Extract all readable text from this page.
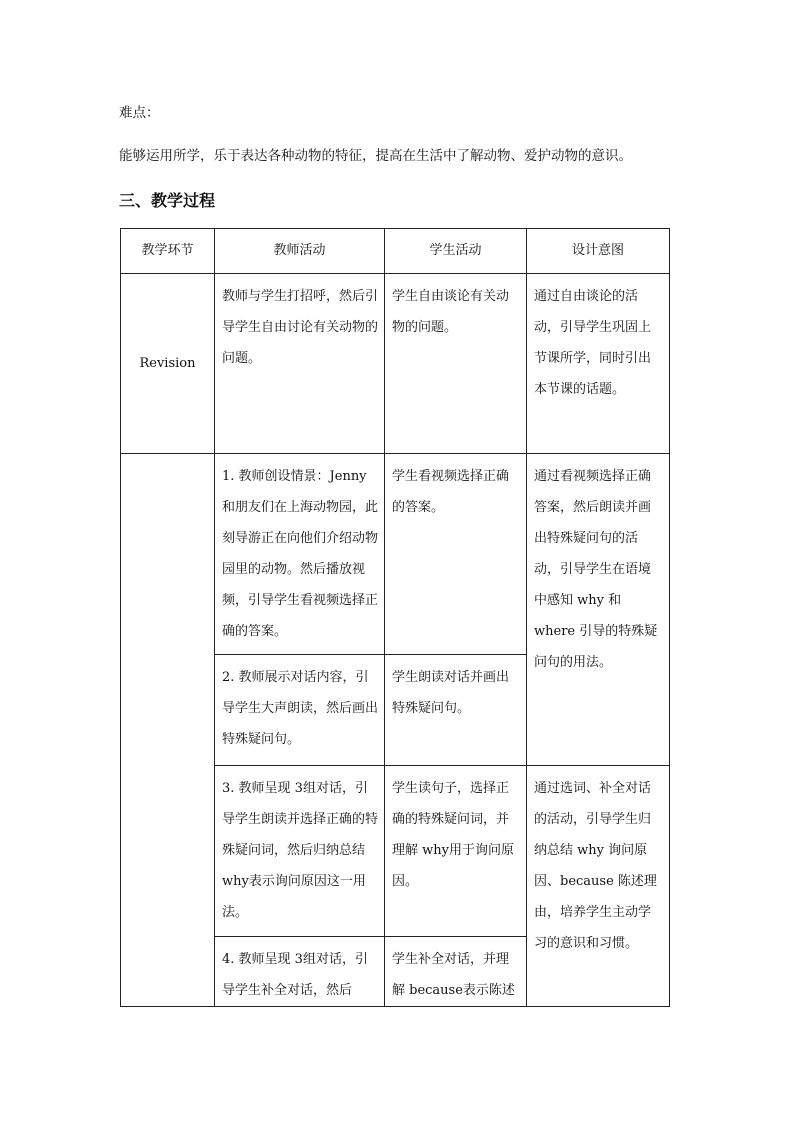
难点：
能够运用所学，乐于表达各种动物的特征，提高在生活中了解动物、爱护动物的意识。
三、教学过程
教学环节	教师活动	学生活动	设计意图
Revision	教师与学生打招呼，然后引导学生自由讨论有关动物的问题。	学生自由谈论有关动物的问题。	通过自由谈论的活动，引导学生巩固上节课所学，同时引出本节课的话题。
	1. 教师创设情景：Jenny和朋友们在上海动物园，此刻导游正在向他们介绍动物园里的动物。然后播放视频，引导学生看视频选择正确的答案。	学生看视频选择正确的答案。	通过看视频选择正确答案，然后朗读并画出特殊疑问句的活动，引导学生在语境中感知 why 和 where 引导的特殊疑问句的用法。
	2. 教师展示对话内容，引导学生大声朗读，然后画出特殊疑问句。	学生朗读对话并画出特殊疑问句。	
	3. 教师呈现 3组对话，引导学生朗读并选择正确的特殊疑问词，然后归纳总结 why表示询问原因这一用法。	学生读句子，选择正确的特殊疑问词，并理解 why用于询问原因。	通过选词、补全对话的活动，引导学生归纳总结 why 询问原因、because 陈述理由，培养学生主动学习的意识和习惯。
	4. 教师呈现 3组对话，引导学生补全对话，然后	学生补全对话，并理解 because表示陈述	
